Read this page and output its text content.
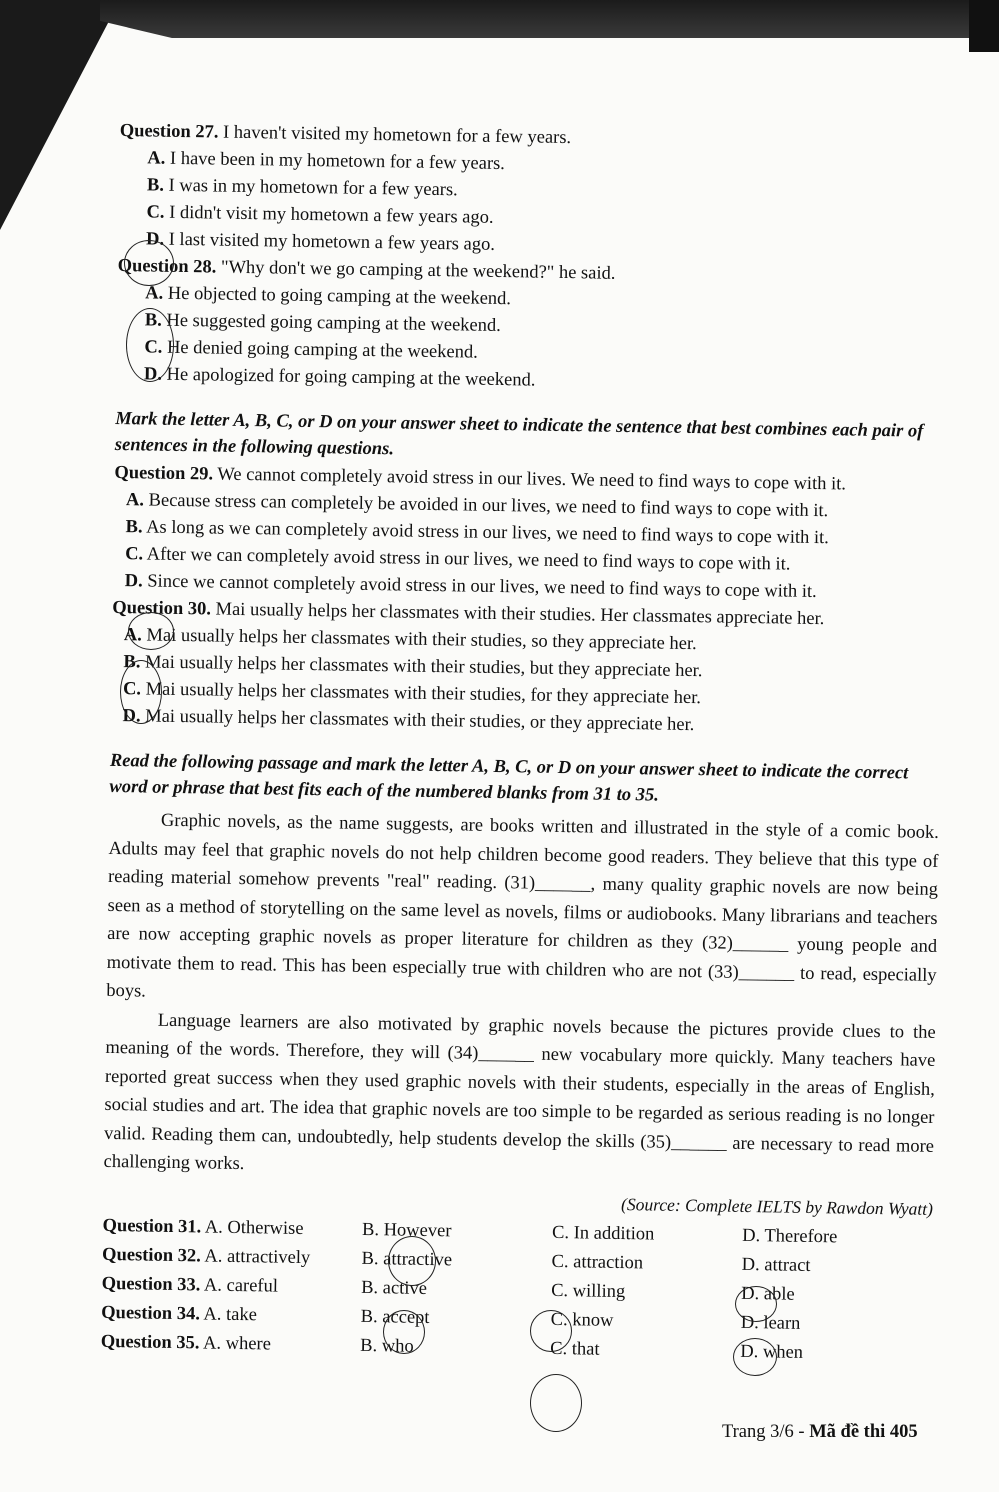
Question 27. I haven't visited my hometown for a few years.
A. I have been in my hometown for a few years.
B. I was in my hometown for a few years.
C. I didn't visit my hometown a few years ago.
D. I last visited my hometown a few years ago.
Question 28. "Why don't we go camping at the weekend?" he said.
A. He objected to going camping at the weekend.
B. He suggested going camping at the weekend.
C. He denied going camping at the weekend.
D. He apologized for going camping at the weekend.
Mark the letter A, B, C, or D on your answer sheet to indicate the sentence that best combines each pair of sentences in the following questions.
Question 29. We cannot completely avoid stress in our lives. We need to find ways to cope with it.
A. Because stress can completely be avoided in our lives, we need to find ways to cope with it.
B. As long as we can completely avoid stress in our lives, we need to find ways to cope with it.
C. After we can completely avoid stress in our lives, we need to find ways to cope with it.
D. Since we cannot completely avoid stress in our lives, we need to find ways to cope with it.
Question 30. Mai usually helps her classmates with their studies. Her classmates appreciate her.
A. Mai usually helps her classmates with their studies, so they appreciate her.
B. Mai usually helps her classmates with their studies, but they appreciate her.
C. Mai usually helps her classmates with their studies, for they appreciate her.
D. Mai usually helps her classmates with their studies, or they appreciate her.
Read the following passage and mark the letter A, B, C, or D on your answer sheet to indicate the correct word or phrase that best fits each of the numbered blanks from 31 to 35.

Graphic novels, as the name suggests, are books written and illustrated in the style of a comic book. Adults may feel that graphic novels do not help children become good readers. They believe that this type of reading material somehow prevents "real" reading. (31)______, many quality graphic novels are now being seen as a method of storytelling on the same level as novels, films or audiobooks. Many librarians and teachers are now accepting graphic novels as proper literature for children as they (32)______ young people and motivate them to read. This has been especially true with children who are not (33)______ to read, especially boys.

Language learners are also motivated by graphic novels because the pictures provide clues to the meaning of the words. Therefore, they will (34)______ new vocabulary more quickly. Many teachers have reported great success when they used graphic novels with their students, especially in the areas of English, social studies and art. The idea that graphic novels are too simple to be regarded as serious reading is no longer valid. Reading them can, undoubtedly, help students develop the skills (35)______ are necessary to read more challenging works.

(Source: Complete IELTS by Rawdon Wyatt)
Question 31. A. Otherwise	B. However	C. In addition	D. Therefore
Question 32. A. attractively	B. attractive	C. attraction	D. attract
Question 33. A. careful	B. active	C. willing	D. able
Question 34. A. take	B. accept	C. know	D. learn
Question 35. A. where	B. who	C. that	D. when
Trang 3/6 - Mã đề thi 405
